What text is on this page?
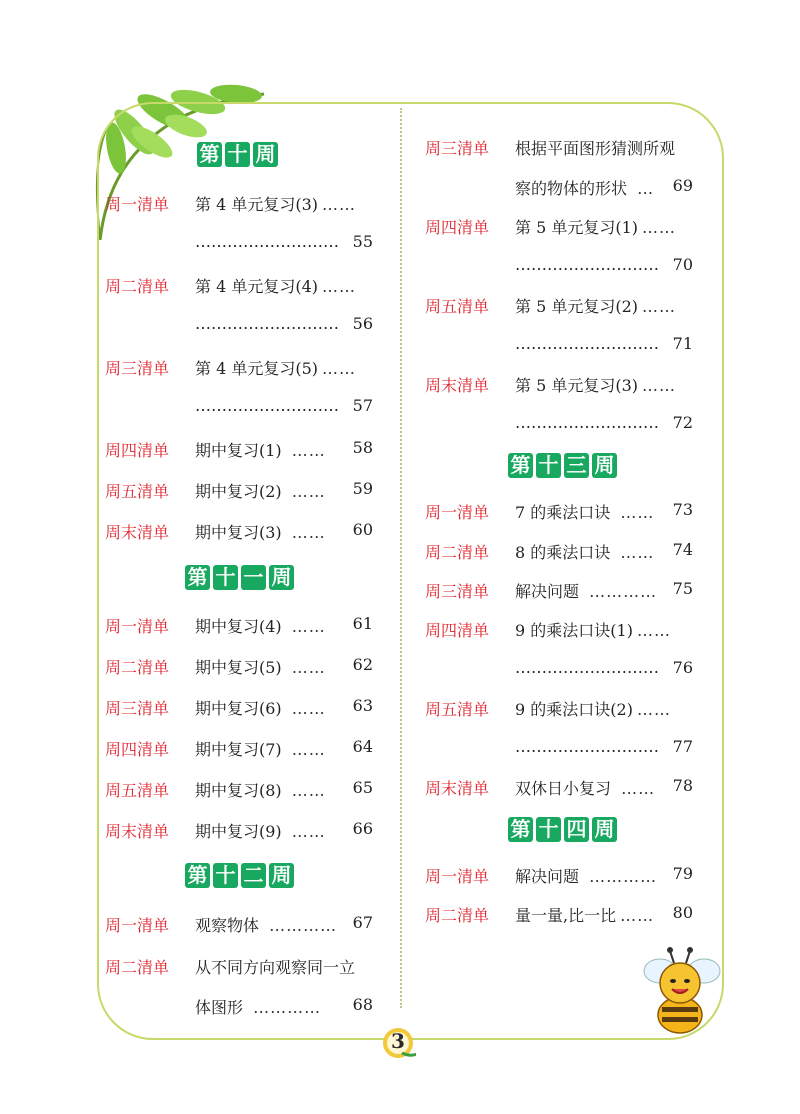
第 十 周
周一清单 第 4 单元复习(3) ……
……………………… 55
周二清单 第 4 单元复习(4) ……
……………………… 56
周三清单 第 4 单元复习(5) ……
……………………… 57
周四清单 期中复习(1) …… 58
周五清单 期中复习(2) …… 59
周末清单 期中复习(3) …… 60
第 十 一 周
周一清单 期中复习(4) …… 61
周二清单 期中复习(5) …… 62
周三清单 期中复习(6) …… 63
周四清单 期中复习(7) …… 64
周五清单 期中复习(8) …… 65
周末清单 期中复习(9) …… 66
第 十 二 周
周一清单 观察物体 ………… 67
周二清单 从不同方向观察同一立
体图形 ………… 68
周三清单 根据平面图形猜测所观
察的物体的形状 … 69
周四清单 第 5 单元复习(1) ……
……………………… 70
周五清单 第 5 单元复习(2) ……
……………………… 71
周末清单 第 5 单元复习(3) ……
……………………… 72
第 十 三 周
周一清单 7 的乘法口诀 …… 73
周二清单 8 的乘法口诀 …… 74
周三清单 解决问题 ………… 75
周四清单 9 的乘法口诀(1) ……
……………………… 76
周五清单 9 的乘法口诀(2) ……
……………………… 77
周末清单 双休日小复习 …… 78
第 十 四 周
周一清单 解决问题 ………… 79
周二清单 量一量,比一比 …… 80
3
